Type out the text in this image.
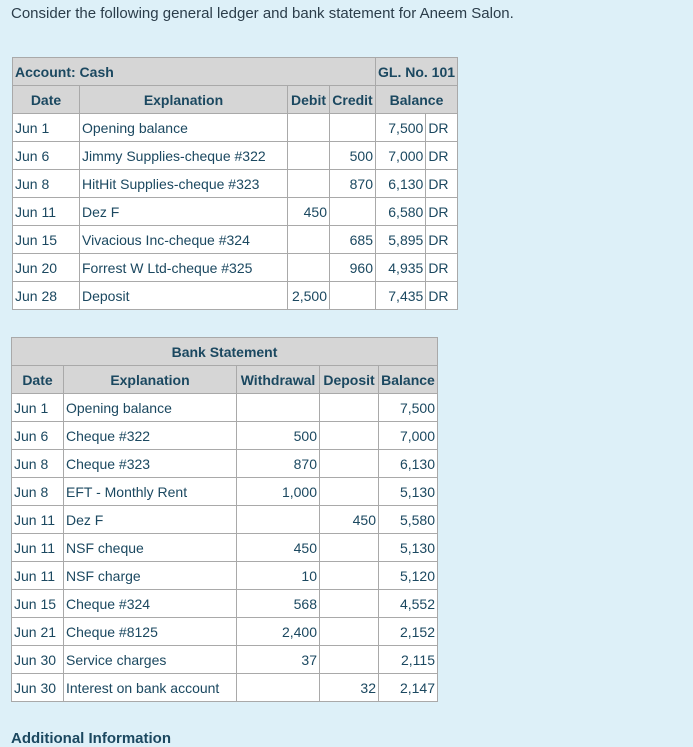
Consider the following general ledger and bank statement for Aneem Salon.
Account: Cash				GL. No. 101	
Date	Explanation	Debit	Credit	Balance	
Jun 1	Opening balance			7,500	DR
Jun 6	Jimmy Supplies-cheque #322		500	7,000	DR
Jun 8	HitHit Supplies-cheque #323		870	6,130	DR
Jun 11	Dez F	450		6,580	DR
Jun 15	Vivacious Inc-cheque #324		685	5,895	DR
Jun 20	Forrest W Ltd-cheque #325		960	4,935	DR
Jun 28	Deposit	2,500		7,435	DR
Bank Statement				
Date	Explanation	Withdrawal	Deposit	Balance
Jun 1	Opening balance			7,500
Jun 6	Cheque #322	500		7,000
Jun 8	Cheque #323	870		6,130
Jun 8	EFT - Monthly Rent	1,000		5,130
Jun 11	Dez F		450	5,580
Jun 11	NSF cheque	450		5,130
Jun 11	NSF charge	10		5,120
Jun 15	Cheque #324	568		4,552
Jun 21	Cheque #8125	2,400		2,152
Jun 30	Service charges	37		2,115
Jun 30	Interest on bank account		32	2,147
Additional Information
